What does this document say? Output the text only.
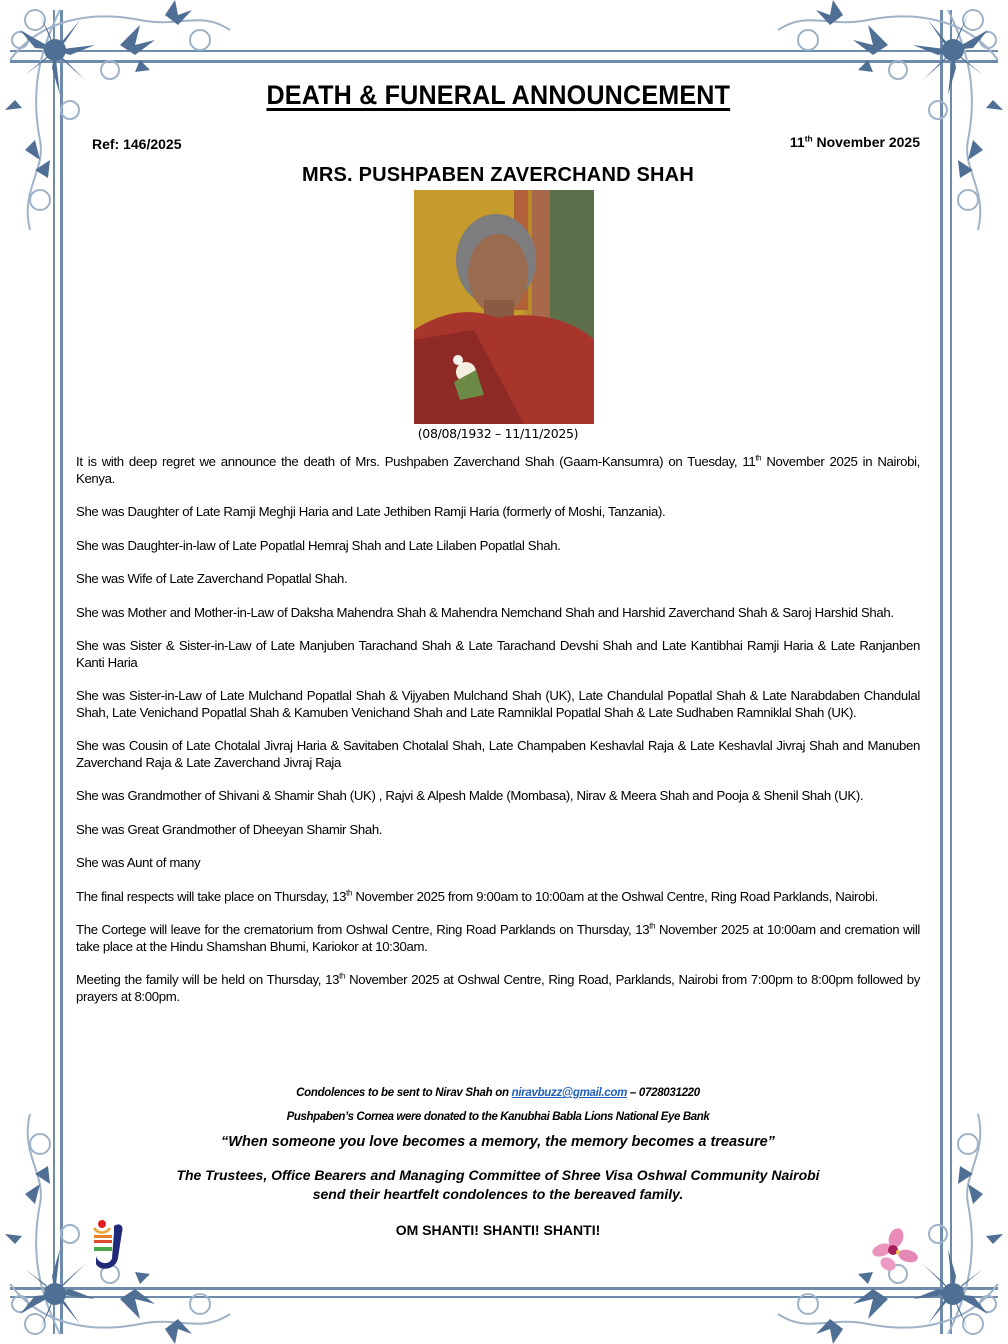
DEATH & FUNERAL ANNOUNCEMENT
Ref: 146/2025	11th November 2025
MRS. PUSHPABEN ZAVERCHAND SHAH
(08/08/1932 – 11/11/2025)

It is with deep regret we announce the death of Mrs. Pushpaben Zaverchand Shah (Gaam-Kansumra) on Tuesday, 11th November 2025 in Nairobi, Kenya.

She was Daughter of Late Ramji Meghji Haria and Late Jethiben Ramji Haria (formerly of Moshi, Tanzania).

She was Daughter-in-law of Late Popatlal Hemraj Shah and Late Lilaben Popatlal Shah.

She was Wife of Late Zaverchand Popatlal Shah.

She was Mother and Mother-in-Law of Daksha Mahendra Shah & Mahendra Nemchand Shah and Harshid Zaverchand Shah & Saroj Harshid Shah.

She was Sister & Sister-in-Law of Late Manjuben Tarachand Shah & Late Tarachand Devshi Shah and Late Kantibhai Ramji Haria & Late Ranjanben Kanti Haria

She was Sister-in-Law of Late Mulchand Popatlal Shah & Vijyaben Mulchand Shah (UK), Late Chandulal Popatlal Shah & Late Narabdaben Chandulal Shah, Late Venichand Popatlal Shah & Kamuben Venichand Shah and Late Ramniklal Popatlal Shah & Late Sudhaben Ramniklal Shah (UK).

She was Cousin of Late Chotalal Jivraj Haria & Savitaben Chotalal Shah, Late Champaben Keshavlal Raja & Late Keshavlal Jivraj Shah and Manuben Zaverchand Raja & Late Zaverchand Jivraj Raja

She was Grandmother of Shivani & Shamir Shah (UK) , Rajvi & Alpesh Malde (Mombasa), Nirav & Meera Shah and Pooja & Shenil Shah (UK).

She was Great Grandmother of Dheeyan Shamir Shah.

She was Aunt of many

The final respects will take place on Thursday, 13th November 2025 from 9:00am to 10:00am at the Oshwal Centre, Ring Road Parklands, Nairobi.

The Cortege will leave for the crematorium from Oshwal Centre, Ring Road Parklands on Thursday, 13th November 2025 at 10:00am and cremation will take place at the Hindu Shamshan Bhumi, Kariokor at 10:30am.

Meeting the family will be held on Thursday, 13th November 2025 at Oshwal Centre, Ring Road, Parklands, Nairobi from 7:00pm to 8:00pm followed by prayers at 8:00pm.

Condolences to be sent to Nirav Shah on niravbuzz@gmail.com – 0728031220
Pushpaben’s Cornea were donated to the Kanubhai Babla Lions National Eye Bank
“When someone you love becomes a memory, the memory becomes a treasure”
The Trustees, Office Bearers and Managing Committee of Shree Visa Oshwal Community Nairobi
send their heartfelt condolences to the bereaved family.
OM SHANTI! SHANTI! SHANTI!
